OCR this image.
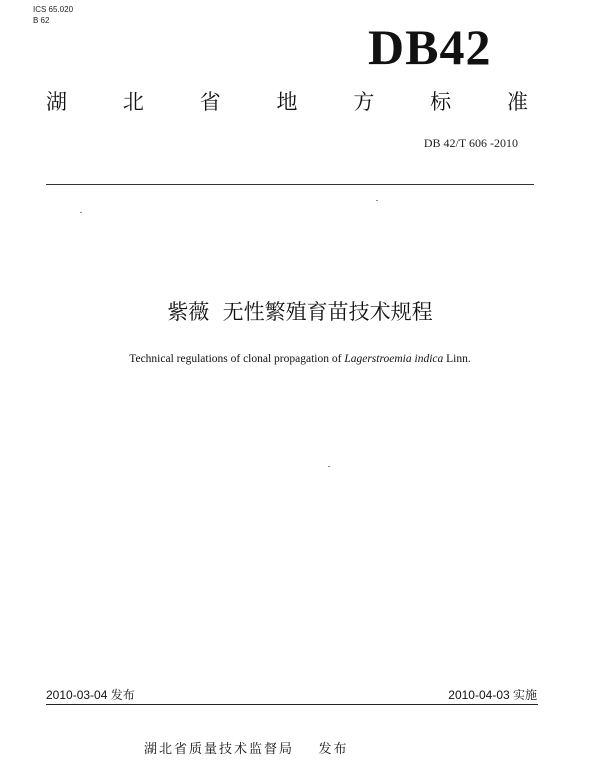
ICS 65.020
B 62	DB42
湖	北	省	地	方	标	准
DB 42/T 606 -2010
紫薇  无性繁殖育苗技术规程
Technical regulations of clonal propagation of Lagerstroemia indica Linn.
2010-03-04 发布	2010-04-03 实施
湖北省质量技术监督局    发布
